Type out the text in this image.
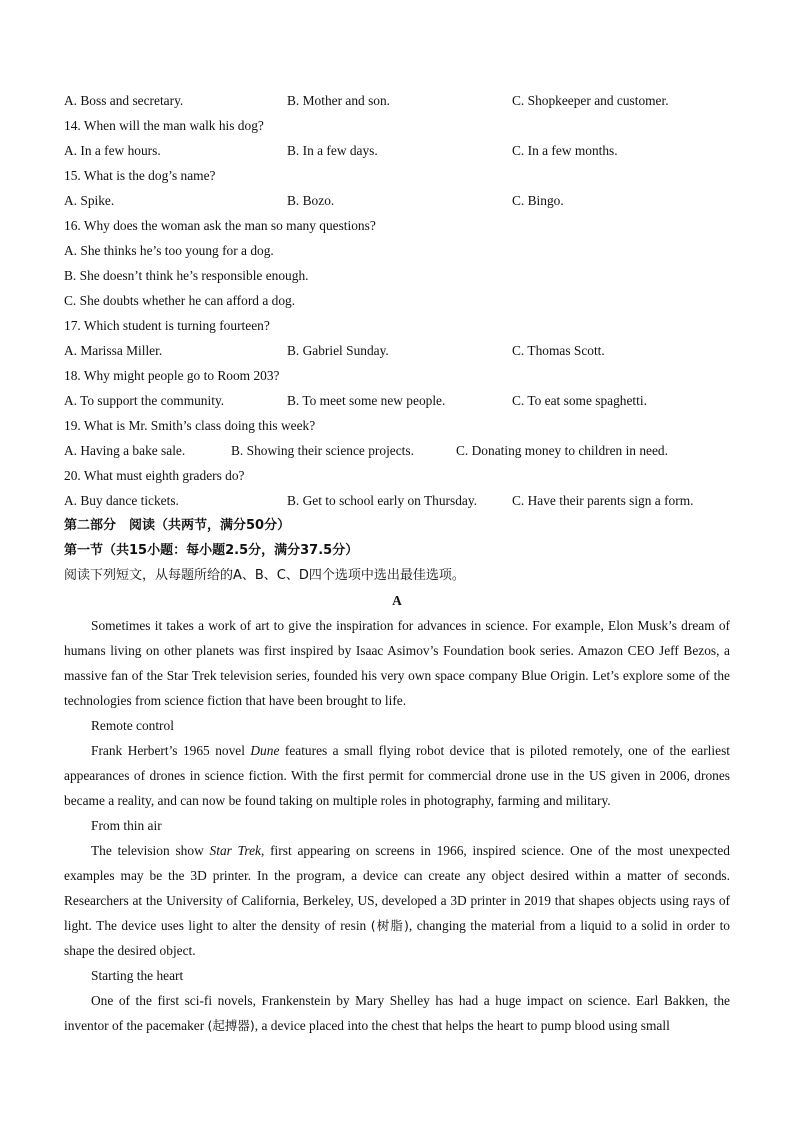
A. Boss and secretary.	B. Mother and son.	C. Shopkeeper and customer.
14. When will the man walk his dog?
A. In a few hours.	B. In a few days.	C. In a few months.
15. What is the dog’s name?
A. Spike.	B. Bozo.	C. Bingo.
16. Why does the woman ask the man so many questions?
A. She thinks he’s too young for a dog.
B. She doesn’t think he’s responsible enough.
C. She doubts whether he can afford a dog.
17. Which student is turning fourteen?
A. Marissa Miller.	B. Gabriel Sunday.	C. Thomas Scott.
18. Why might people go to Room 203?
A. To support the community.	B. To meet some new people.	C. To eat some spaghetti.
19. What is Mr. Smith’s class doing this week?
A. Having a bake sale.	B. Showing their science projects.	C. Donating money to children in need.
20. What must eighth graders do?
A. Buy dance tickets.	B. Get to school early on Thursday.	C. Have their parents sign a form.
第二部分　阅读（共两节，满分50分）
第一节（共15小题：每小题2.5分，满分37.5分）
阅读下列短文，从每题所给的A、B、C、D四个选项中选出最佳选项。
A

Sometimes it takes a work of art to give the inspiration for advances in science. For example, Elon Musk’s dream of humans living on other planets was first inspired by Isaac Asimov’s Foundation book series. Amazon CEO Jeff Bezos, a massive fan of the Star Trek television series, founded his very own space company Blue Origin. Let’s explore some of the technologies from science fiction that have been brought to life.

Remote control

Frank Herbert’s 1965 novel Dune features a small flying robot device that is piloted remotely, one of the earliest appearances of drones in science fiction. With the first permit for commercial drone use in the US given in 2006, drones became a reality, and can now be found taking on multiple roles in photography, farming and military.

From thin air

The television show Star Trek, first appearing on screens in 1966, inspired science. One of the most unexpected examples may be the 3D printer. In the program, a device can create any object desired within a matter of seconds. Researchers at the University of California, Berkeley, US, developed a 3D printer in 2019 that shapes objects using rays of light. The device uses light to alter the density of resin (树脂), changing the material from a liquid to a solid in order to shape the desired object.

Starting the heart

One of the first sci-fi novels, Frankenstein by Mary Shelley has had a huge impact on science. Earl Bakken, the inventor of the pacemaker (起搏器), a device placed into the chest that helps the heart to pump blood using small
